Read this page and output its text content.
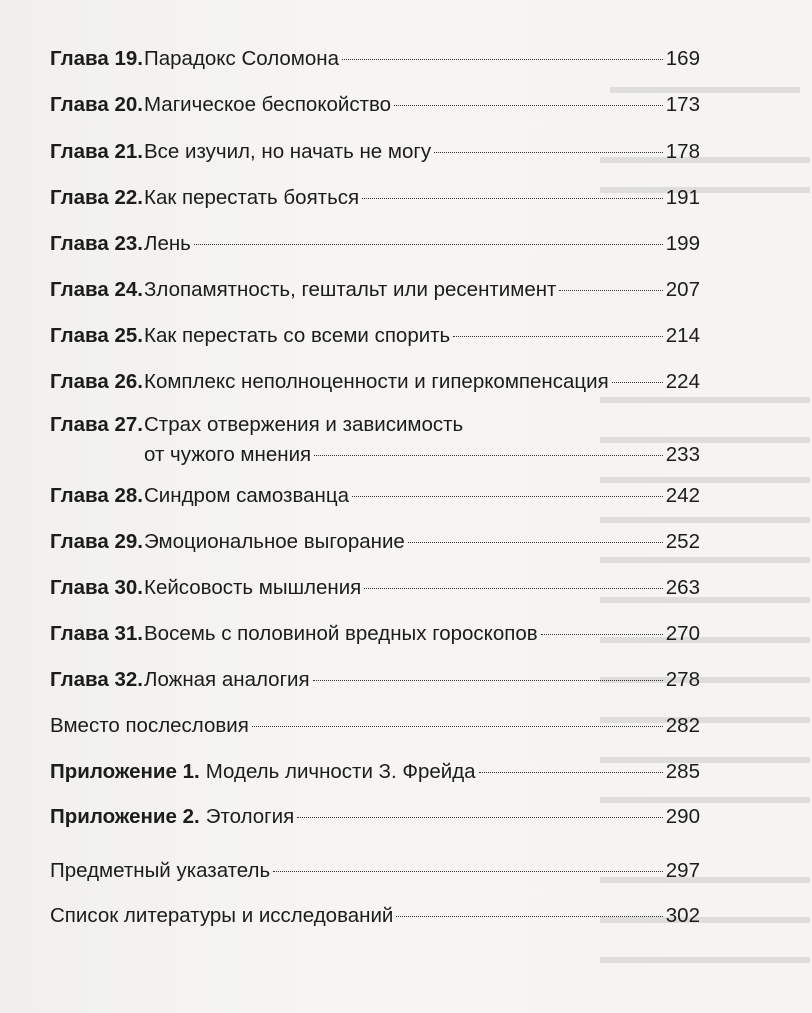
Глава 19. Парадокс Соломона	169
Глава 20. Магическое беспокойство	173
Глава 21. Все изучил, но начать не могу	178
Глава 22. Как перестать бояться	191
Глава 23. Лень	199
Глава 24. Злопамятность, гештальт или ресентимент	207
Глава 25. Как перестать со всеми спорить	214
Глава 26. Комплекс неполноценности и гиперкомпенсация	224
Глава 27. Страх отвержения и зависимость
от чужого мнения	233
Глава 28. Синдром самозванца	242
Глава 29. Эмоциональное выгорание	252
Глава 30. Кейсовость мышления	263
Глава 31. Восемь с половиной вредных гороскопов	270
Глава 32. Ложная аналогия	278
Вместо послесловия	282
Приложение 1. Модель личности З. Фрейда	285
Приложение 2. Этология	290
Предметный указатель	297
Список литературы и исследований	302
